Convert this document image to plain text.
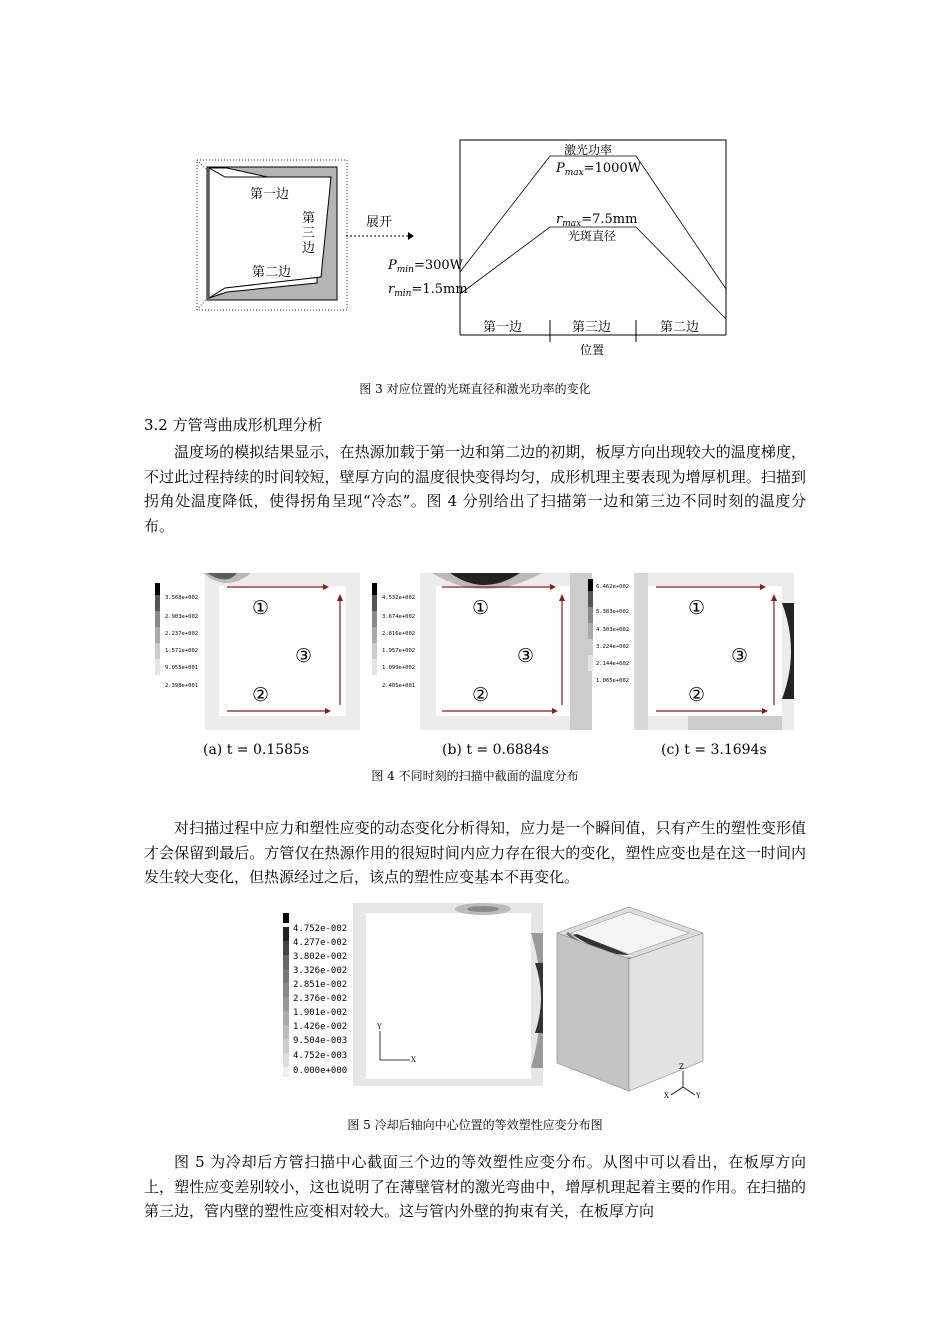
第一边
第
三
边
第二边
展开
激光功率
$P_{max}=1000W$
$r_{max}=7.5mm$
光斑直径
$P_{min}=300W$
$r_{min}=1.5mm$
第一边	第三边	第二边
位置
图 3 对应位置的光斑直径和激光功率的变化
3.2 方管弯曲成形机理分析
温度场的模拟结果显示，在热源加载于第一边和第二边的初期，板厚方向出现较大的温度梯度，不过此过程持续的时间较短，壁厚方向的温度很快变得均匀，成形机理主要表现为增厚机理。扫描到拐角处温度降低，使得拐角呈现“冷态”。图 4 分别给出了扫描第一边和第三边不同时刻的温度分布。
3.568e+002
2.903e+002
2.237e+002
1.571e+002
9.055e+001
2.398e+001
①
③
②
4.532e+002
3.674e+002
2.816e+002
1.957e+002
1.099e+002
2.405e+001
①
③
②
6.462e+002
5.383e+002
4.303e+002
3.224e+002
2.144e+002
1.065e+002
①
③
②
(a) t = 0.1585s	(b) t = 0.6884s	(c) t = 3.1694s
图 4 不同时刻的扫描中截面的温度分布
对扫描过程中应力和塑性应变的动态变化分析得知，应力是一个瞬间值，只有产生的塑性变形值才会保留到最后。方管仅在热源作用的很短时间内应力存在很大的变化，塑性应变也是在这一时间内发生较大变化，但热源经过之后，该点的塑性应变基本不再变化。
4.752e-002
4.277e-002
3.802e-002
3.326e-002
2.851e-002
2.376e-002
1.901e-002
1.426e-002
9.504e-003
4.752e-003
0.000e+000
Y
X
Z
X	Y
图 5 冷却后轴向中心位置的等效塑性应变分布图
图 5 为冷却后方管扫描中心截面三个边的等效塑性应变分布。从图中可以看出，在板厚方向上，塑性应变差别较小，这也说明了在薄壁管材的激光弯曲中，增厚机理起着主要的作用。在扫描的第三边，管内壁的塑性应变相对较大。这与管内外壁的拘束有关，在板厚方向
